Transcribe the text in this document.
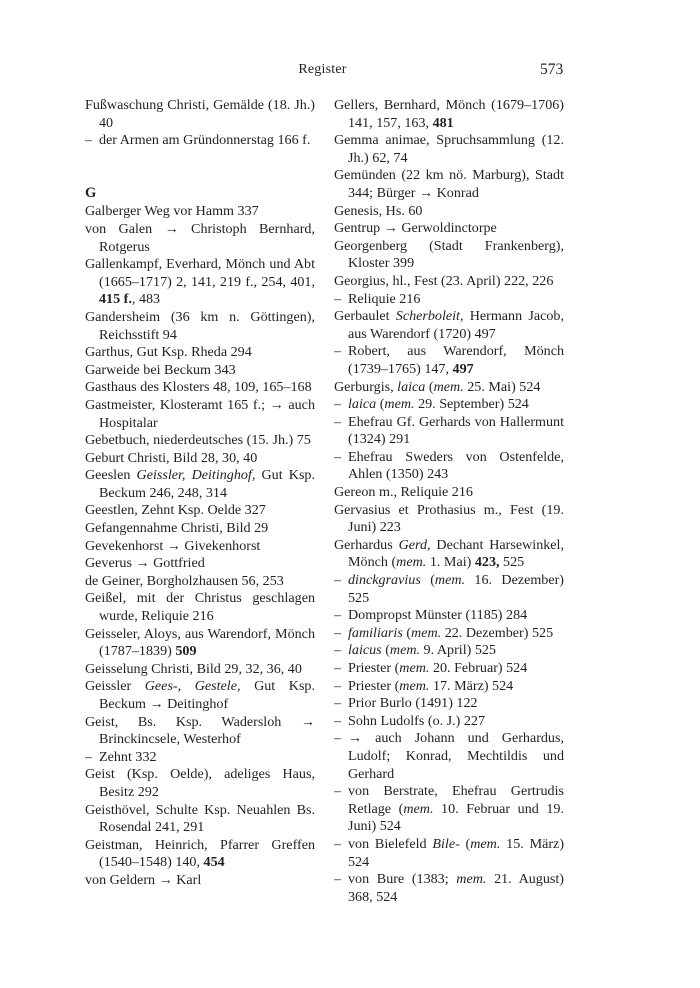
Register	573
Fußwaschung Christi, Gemälde (18. Jh.) 40
– der Armen am Gründonnerstag 166 f.
G
Galberger Weg vor Hamm 337
von Galen → Christoph Bernhard, Rotgerus
Gallenkampf, Everhard, Mönch und Abt (1665–1717) 2, 141, 219 f., 254, 401, 415 f., 483
Gandersheim (36 km n. Göttingen), Reichsstift 94
Garthus, Gut Ksp. Rheda 294
Garweide bei Beckum 343
Gasthaus des Klosters 48, 109, 165–168
Gastmeister, Klosteramt 165 f.; → auch Hospitalar
Gebetbuch, niederdeutsches (15. Jh.) 75
Geburt Christi, Bild 28, 30, 40
Geeslen Geissler, Deitinghof, Gut Ksp. Beckum 246, 248, 314
Geestlen, Zehnt Ksp. Oelde 327
Gefangennahme Christi, Bild 29
Gevekenhorst → Givekenhorst
Geverus → Gottfried
de Geiner, Borgholzhausen 56, 253
Geißel, mit der Christus geschlagen wurde, Reliquie 216
Geisseler, Aloys, aus Warendorf, Mönch (1787–1839) 509
Geisselung Christi, Bild 29, 32, 36, 40
Geissler Gees-, Gestele, Gut Ksp. Beckum → Deitinghof
Geist, Bs. Ksp. Wadersloh → Brinckincsele, Westerhof
– Zehnt 332
Geist (Ksp. Oelde), adeliges Haus, Besitz 292
Geisthövel, Schulte Ksp. Neuahlen Bs. Rosendal 241, 291
Geistman, Heinrich, Pfarrer Greffen (1540–1548) 140, 454
von Geldern → Karl
Gellers, Bernhard, Mönch (1679–1706) 141, 157, 163, 481
Gemma animae, Spruchsammlung (12. Jh.) 62, 74
Gemünden (22 km nö. Marburg), Stadt 344; Bürger → Konrad
Genesis, Hs. 60
Gentrup → Gerwoldinctorpe
Georgenberg (Stadt Frankenberg), Kloster 399
Georgius, hl., Fest (23. April) 222, 226
– Reliquie 216
Gerbaulet Scherboleit, Hermann Jacob, aus Warendorf (1720) 497
– Robert, aus Warendorf, Mönch (1739–1765) 147, 497
Gerburgis, laica (mem. 25. Mai) 524
– laica (mem. 29. September) 524
– Ehefrau Gf. Gerhards von Hallermunt (1324) 291
– Ehefrau Sweders von Ostenfelde, Ahlen (1350) 243
Gereon m., Reliquie 216
Gervasius et Prothasius m., Fest (19. Juni) 223
Gerhardus Gerd, Dechant Harsewinkel, Mönch (mem. 1. Mai) 423, 525
– dinckgravius (mem. 16. Dezember) 525
– Dompropst Münster (1185) 284
– familiaris (mem. 22. Dezember) 525
– laicus (mem. 9. April) 525
– Priester (mem. 20. Februar) 524
– Priester (mem. 17. März) 524
– Prior Burlo (1491) 122
– Sohn Ludolfs (o. J.) 227
– → auch Johann und Gerhardus, Ludolf; Konrad, Mechtildis und Gerhard
– von Berstrate, Ehefrau Gertrudis Retlage (mem. 10. Februar und 19. Juni) 524
– von Bielefeld Bile- (mem. 15. März) 524
– von Bure (1383; mem. 21. August) 368, 524
